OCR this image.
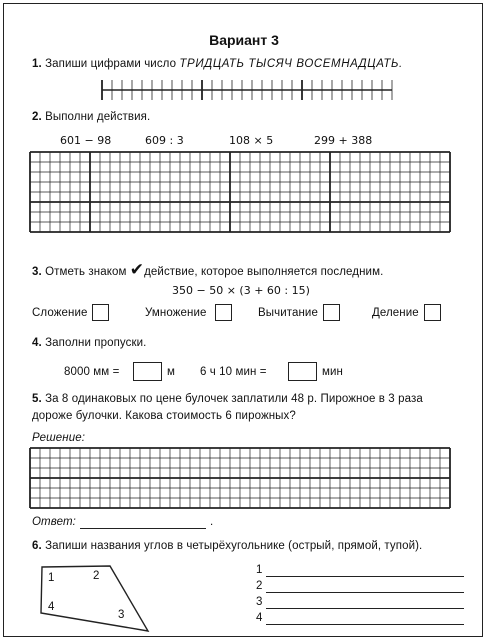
Вариант 3
1. Запиши цифрами число ТРИДЦАТЬ ТЫСЯЧ ВОСЕМНАДЦАТЬ.
2. Выполни действия.
601 − 98	609 : 3	108 × 5	299 + 388
3. Отметь знаком ✔действие, которое выполняется последним.
350 − 50 × (3 + 60 : 15)
Сложение	Умножение	Вычитание	Деление
4. Заполни пропуски.
8000 мм =	м 6 ч 10 мин =	мин
5. За 8 одинаковых по цене булочек заплатили 48 р. Пирожное в 3 раза
дороже булочки. Какова стоимость 6 пирожных?
Решение:
Ответ:	.
6. Запиши названия углов в четырёхугольнике (острый, прямой, тупой).
1	2
3
4
1
2
3
4
